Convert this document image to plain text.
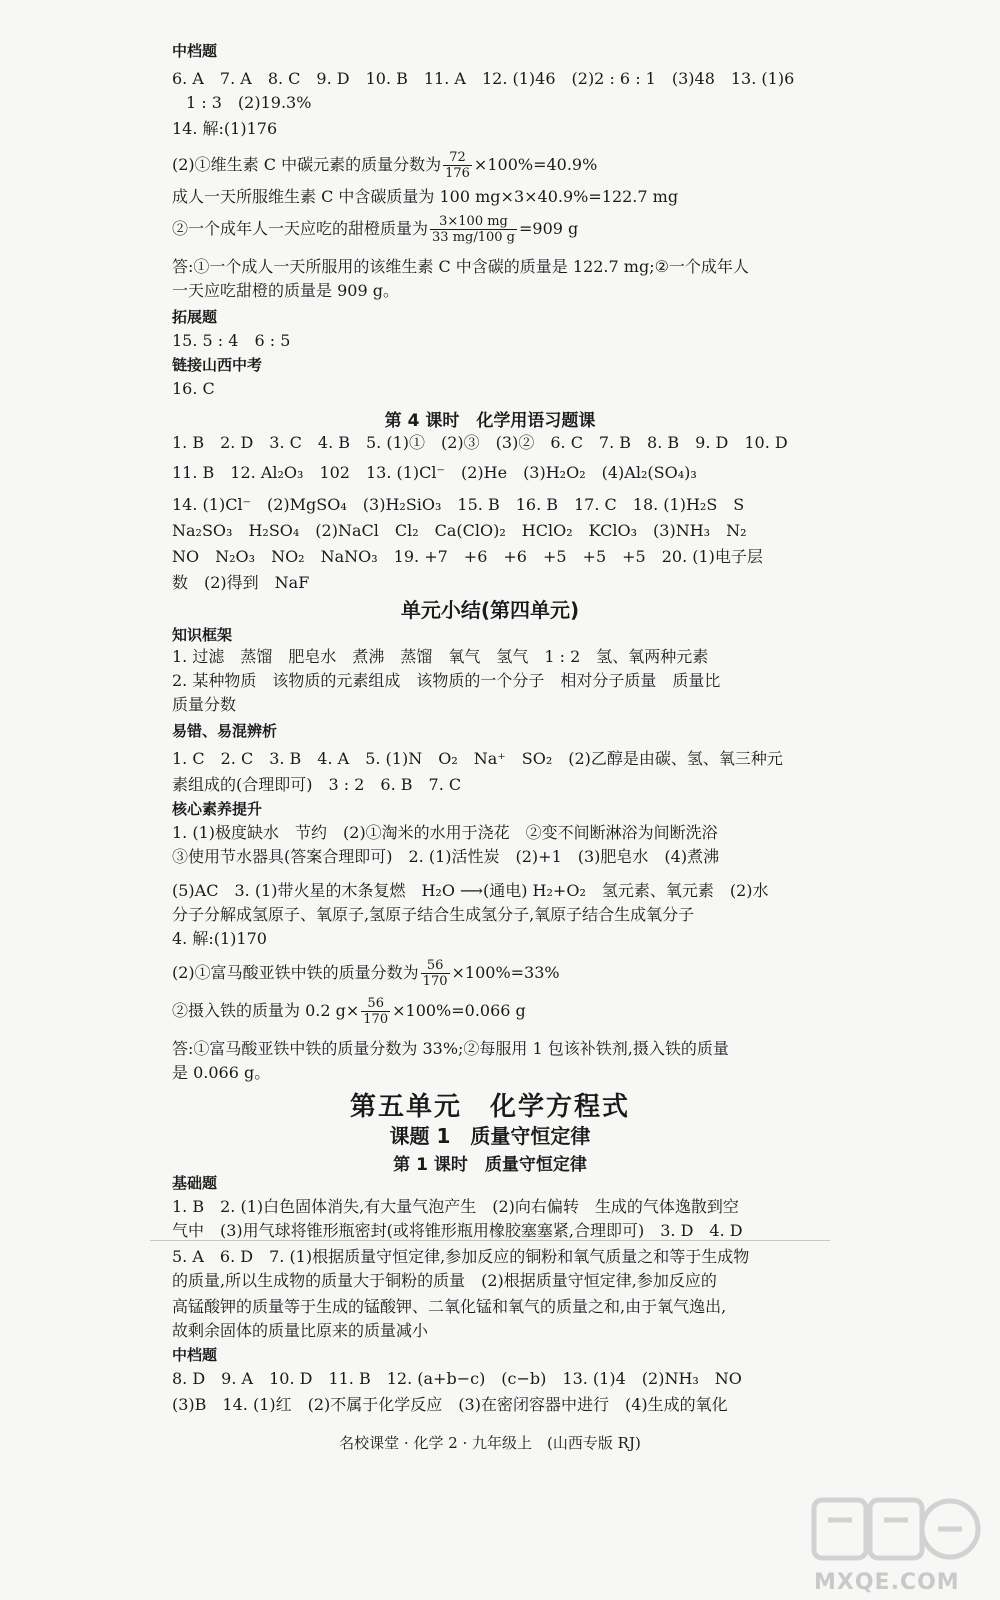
中档题
6. A　7. A　8. C　9. D　10. B　11. A　12. (1)46　(2)2 : 6 : 1　(3)48　13. (1)6
1 : 3　(2)19.3%
14. 解:(1)176
(2)①维生素 C 中碳元素的质量分数为 $\frac{72}{176} \times 100\%=40.9\%$
成人一天所服维生素 C 中含碳质量为 100 mg×3×40.9%=122.7 mg
②一个成年人一天应吃的甜橙质量为 $\frac{3\times 100 mg}{33 mg/100 g} =909$ g
答:①一个成人一天所服用的该维生素 C 中含碳的质量是 122.7 mg;②一个成年人
一天应吃甜橙的质量是 909 g。
拓展题
15. 5 : 4　6 : 5
链接山西中考
16. C
第 4 课时　化学用语习题课
1. B　2. D　3. C　4. B　5. (1)①　(2)③　(3)②　6. C　7. B　8. B　9. D　10. D
11. B　12. Al₂O₃　102　13. (1)Cl⁻　(2)He　(3)H₂O₂　(4)Al₂(SO₄)₃
14. (1)Cl⁻　(2)MgSO₄　(3)H₂SiO₃　15. B　16. B　17. C　18. (1)H₂S　S
Na₂SO₃　H₂SO₄　(2)NaCl　Cl₂　Ca(ClO)₂　HClO₂　KClO₃　(3)NH₃　N₂
NO　N₂O₃　NO₂　NaNO₃　19. +7　+6　+6　+5　+5　+5　20. (1)电子层
数　(2)得到　NaF
单元小结(第四单元)
知识框架
1. 过滤　蒸馏　肥皂水　煮沸　蒸馏　氧气　氢气　1 : 2　氢、氧两种元素
2. 某种物质　该物质的元素组成　该物质的一个分子　相对分子质量　质量比
质量分数
易错、易混辨析
1. C　2. C　3. B　4. A　5. (1)N　O₂　Na⁺　SO₂　(2)乙醇是由碳、氢、氧三种元
素组成的(合理即可)　3 : 2　6. B　7. C
核心素养提升
1. (1)极度缺水　节约　(2)①淘米的水用于浇花　②变不间断淋浴为间断洗浴
③使用节水器具(答案合理即可)　2. (1)活性炭　(2)+1　(3)肥皂水　(4)煮沸
(5)AC　3. (1)带火星的木条复燃　H₂O ⟶(通电) H₂+O₂　氢元素、氧元素　(2)水
分子分解成氢原子、氧原子,氢原子结合生成氢分子,氧原子结合生成氧分子
4. 解:(1)170
(2)①富马酸亚铁中铁的质量分数为 $\frac{56}{170} \times 100\%=33\%$
②摄入铁的质量为 0.2 $g\times \frac{56}{170} \times 100\%=0.066$ g
答:①富马酸亚铁中铁的质量分数为 33%;②每服用 1 包该补铁剂,摄入铁的质量
是 0.066 g。
第五单元　化学方程式
课题 1　质量守恒定律
第 1 课时　质量守恒定律
基础题
1. B　2. (1)白色固体消失,有大量气泡产生　(2)向右偏转　生成的气体逸散到空
气中　(3)用气球将锥形瓶密封(或将锥形瓶用橡胶塞塞紧,合理即可)　3. D　4. D
5. A　6. D　7. (1)根据质量守恒定律,参加反应的铜粉和氧气质量之和等于生成物
的质量,所以生成物的质量大于铜粉的质量　(2)根据质量守恒定律,参加反应的
高锰酸钾的质量等于生成的锰酸钾、二氧化锰和氧气的质量之和,由于氧气逸出,
故剩余固体的质量比原来的质量减小
中档题
8. D　9. A　10. D　11. B　12. (a+b−c)　(c−b)　13. (1)4　(2)NH₃　NO
(3)B　14. (1)红　(2)不属于化学反应　(3)在密闭容器中进行　(4)生成的氧化
名校课堂 · 化学 2 · 九年级上　(山西专版 RJ)
MXQE.COM
